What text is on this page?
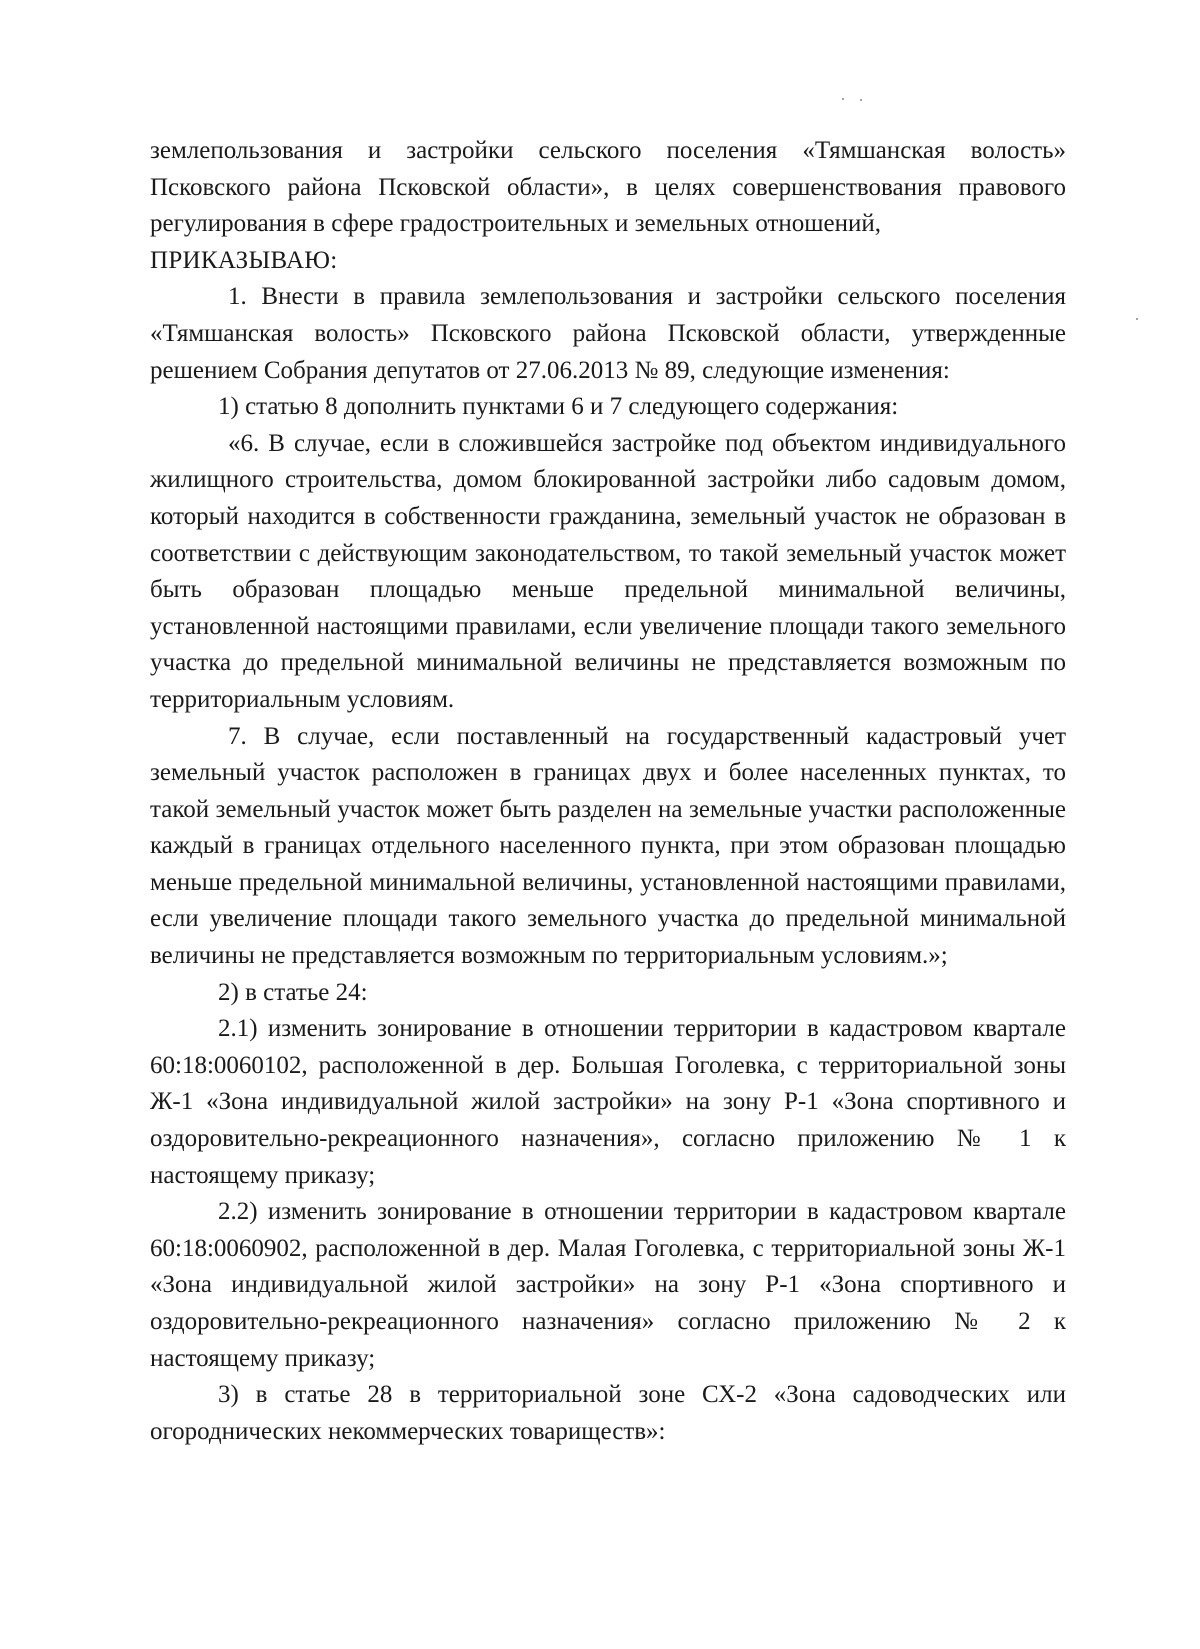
землепользования и застройки сельского поселения «Тямшанская волость» Псковского района Псковской области», в целях совершенствования правового регулирования в сфере градостроительных и земельных отношений,

ПРИКАЗЫВАЮ:

1. Внести в правила землепользования и застройки сельского поселения «Тямшанская волость» Псковского района Псковской области, утвержденные решением Собрания депутатов от 27.06.2013 № 89, следующие изменения:

1) статью 8 дополнить пунктами 6 и 7 следующего содержания:

«6. В случае, если в сложившейся застройке под объектом индивидуального жилищного строительства, домом блокированной застройки либо садовым домом, который находится в собственности гражданина, земельный участок не образован в соответствии с действующим законодательством, то такой земельный участок может быть образован площадью меньше предельной минимальной величины, установленной настоящими правилами, если увеличение площади такого земельного участка до предельной минимальной величины не представляется возможным по территориальным условиям.

7. В случае, если поставленный на государственный кадастровый учет земельный участок расположен в границах двух и более населенных пунктах, то такой земельный участок может быть разделен на земельные участки расположенные каждый в границах отдельного населенного пункта, при этом образован площадью меньше предельной минимальной величины, установленной настоящими правилами, если увеличение площади такого земельного участка до предельной минимальной величины не представляется возможным по территориальным условиям.»;

2) в статье 24:

2.1) изменить зонирование в отношении территории в кадастровом квартале 60:18:0060102, расположенной в дер. Большая Гоголевка, с территориальной зоны Ж-1 «Зона индивидуальной жилой застройки» на зону Р-1 «Зона спортивного и оздоровительно-рекреационного назначения», согласно приложению № 1 к настоящему приказу;

2.2) изменить зонирование в отношении территории в кадастровом квартале 60:18:0060902, расположенной в дер. Малая Гоголевка, с территориальной зоны Ж-1 «Зона индивидуальной жилой застройки» на зону Р-1 «Зона спортивного и оздоровительно-рекреационного назначения» согласно приложению № 2 к настоящему приказу;

3) в статье 28 в территориальной зоне СХ-2 «Зона садоводческих или огороднических некоммерческих товариществ»:
